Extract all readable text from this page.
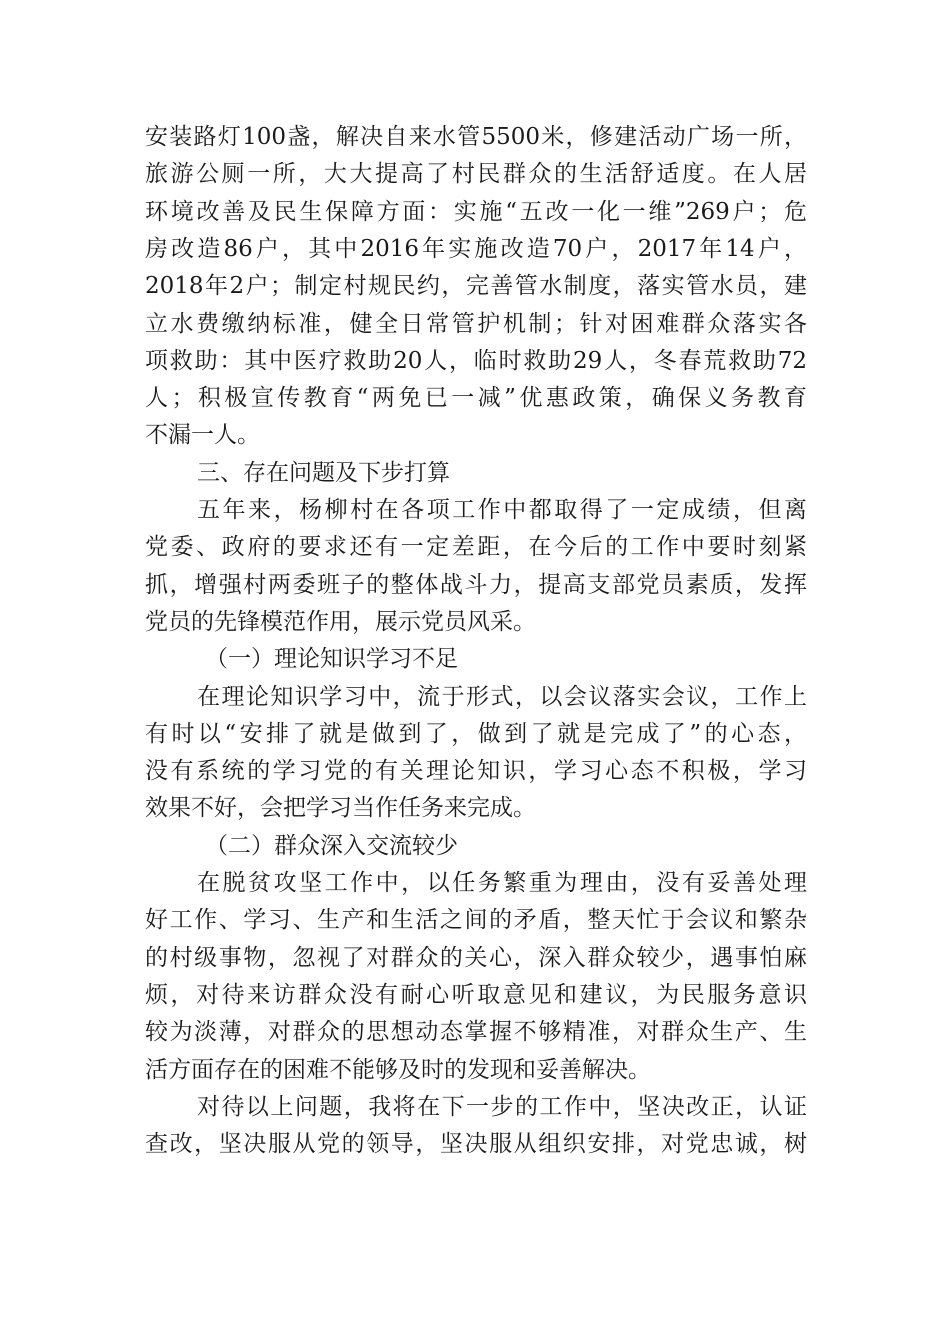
安装路灯100盏，解决自来水管5500米，修建活动广场一所，
旅游公厕一所，大大提高了村民群众的生活舒适度。在人居
环境改善及民生保障方面：实施“五改一化一维”269户；危
房改造86户，其中2016年实施改造70户，2017年14户，
2018年2户；制定村规民约，完善管水制度，落实管水员，建
立水费缴纳标准，健全日常管护机制；针对困难群众落实各
项救助：其中医疗救助20人，临时救助29人，冬春荒救助72
人；积极宣传教育“两免已一减”优惠政策，确保义务教育
不漏一人。
三、存在问题及下步打算
五年来，杨柳村在各项工作中都取得了一定成绩，但离
党委、政府的要求还有一定差距，在今后的工作中要时刻紧
抓，增强村两委班子的整体战斗力，提高支部党员素质，发挥
党员的先锋模范作用，展示党员风采。
（一）理论知识学习不足
在理论知识学习中，流于形式，以会议落实会议，工作上
有时以“安排了就是做到了，做到了就是完成了”的心态，
没有系统的学习党的有关理论知识，学习心态不积极，学习
效果不好，会把学习当作任务来完成。
（二）群众深入交流较少
在脱贫攻坚工作中，以任务繁重为理由，没有妥善处理
好工作、学习、生产和生活之间的矛盾，整天忙于会议和繁杂
的村级事物，忽视了对群众的关心，深入群众较少，遇事怕麻
烦，对待来访群众没有耐心听取意见和建议，为民服务意识
较为淡薄，对群众的思想动态掌握不够精准，对群众生产、生
活方面存在的困难不能够及时的发现和妥善解决。
对待以上问题，我将在下一步的工作中，坚决改正，认证
查改，坚决服从党的领导，坚决服从组织安排，对党忠诚，树
